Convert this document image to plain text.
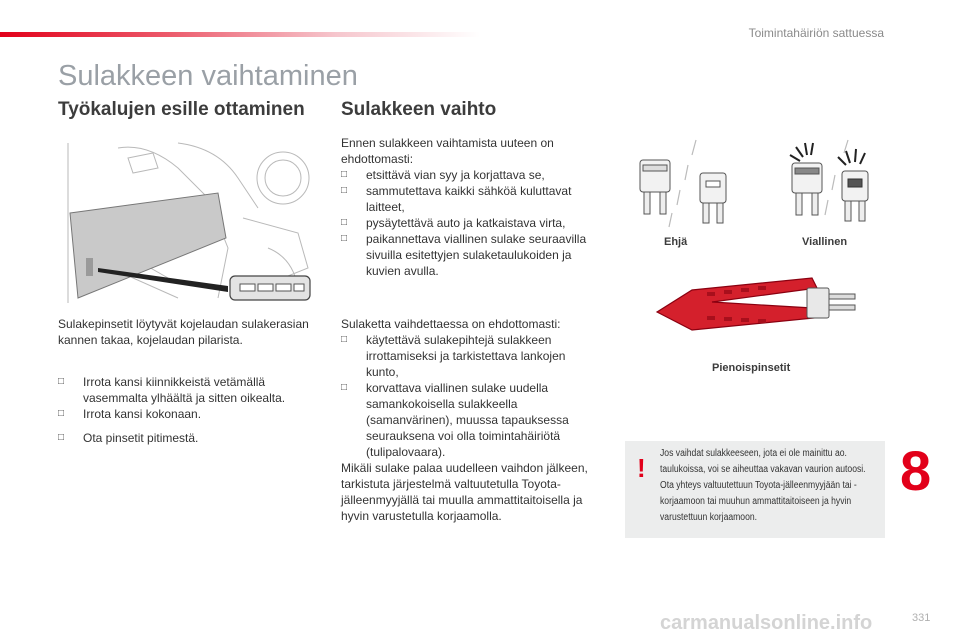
Toimintahäiriön sattuessa
Sulakkeen vaihtaminen
Työkalujen esille ottaminen
Sulakepinsetit löytyvät kojelaudan sulakerasian kannen takaa, kojelaudan pilarista.
□ Irrota kansi kiinnikkeistä vetämällä vasemmalta ylhäältä ja sitten oikealta.
□ Irrota kansi kokonaan.
□ Ota pinsetit pitimestä.
Sulakkeen vaihto

Ennen sulakkeen vaihtamista uuteen on ehdottomasti:

□ etsittävä vian syy ja korjattava se,
□ sammutettava kaikki sähköä kuluttavat laitteet,
□ pysäytettävä auto ja katkaistava virta,
□ paikannettava viallinen sulake seuraavilla sivuilla esitettyjen sulaketaulukoiden ja kuvien avulla.

Sulaketta vaihdettaessa on ehdottomasti:

□ käytettävä sulakepihtejä sulakkeen irrottamiseksi ja tarkistettava lankojen kunto,
□ korvattava viallinen sulake uudella samankokoisella sulakkeella (samanvärinen), muussa tapauksessa seurauksena voi olla toimintahäiriötä (tulipalovaara).

Mikäli sulake palaa uudelleen vaihdon jälkeen, tarkistuta järjestelmä valtuutetulla Toyota-jälleenmyyjällä tai muulla ammattitaitoisella ja hyvin varustetulla korjaamolla.

Ehjä	Viallinen
Pienoispinsetit
! Jos vaihdat sulakkeeseen, jota ei ole mainittu ao. taulukoissa, voi se aiheuttaa vakavan vaurion autoosi. Ota yhteys valtuutettuun Toyota-jälleenmyyjään tai -korjaamoon tai muuhun ammattitaitoiseen ja hyvin varustettuun korjaamoon.
8
carmanualsonline.info	331
